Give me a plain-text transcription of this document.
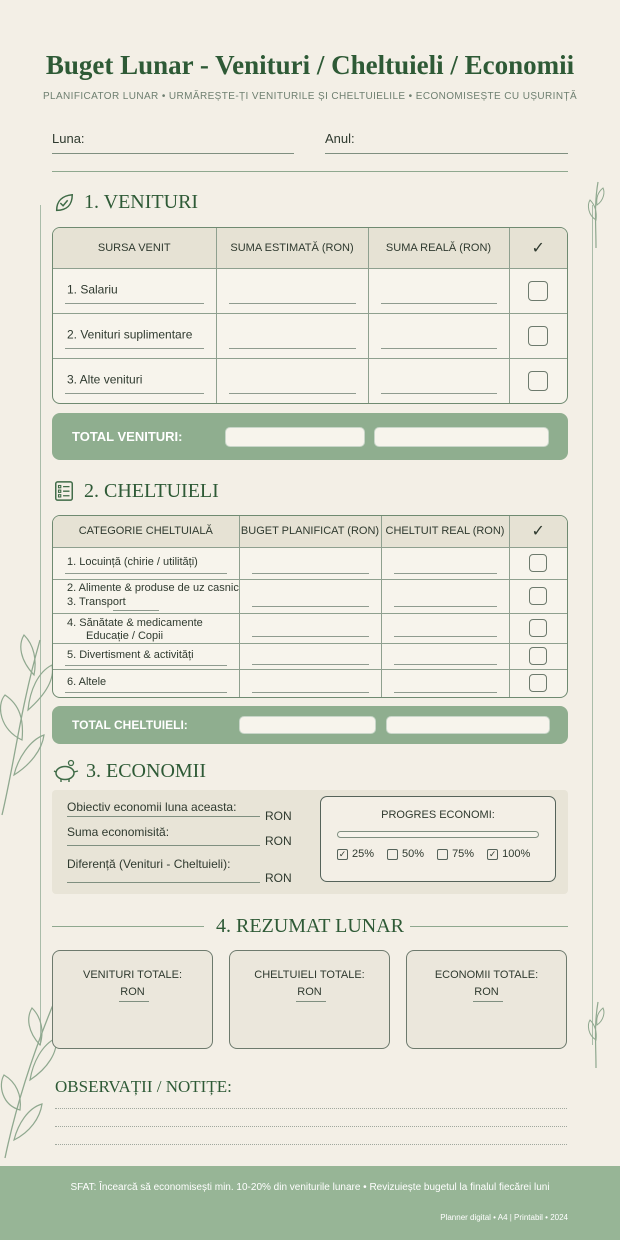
Buget Lunar - Venituri / Cheltuieli / Economii
PLANIFICATOR LUNAR • URMĂREȘTE-ȚI VENITURILE ȘI CHELTUIELILE • ECONOMISEȘTE CU UȘURINȚĂ
Luna:	Anul:
1. VENITURI
SURSA VENIT	SUMA ESTIMATĂ (RON)	SUMA REALĂ (RON)	✓

1. Salariu			

2. Venituri suplimentare			

3. Alte venituri			

TOTAL VENITURI:
2. CHELTUIELI
CATEGORIE CHELTUIALĂ	BUGET PLANIFICAT (RON)	CHELTUIT REAL (RON)	✓

1. Locuință (chirie / utilități)			

2. Alimente & produse de uz casnic
3. Transport			

4. Sănătate & medicamente
Educație / Copii			

5. Divertisment & activități			

6. Altele			

TOTAL CHELTUIELI:
3. ECONOMII
Obiectiv economii luna aceasta:
RON
Suma economisită:
RON
Diferență (Venituri - Cheltuieli):
RON
PROGRES ECONOMI:
✓ 25%	50%	75% ✓ 100%
4. REZUMAT LUNAR
VENITURI TOTALE:
RON
CHELTUIELI TOTALE:
RON
ECONOMII TOTALE:
RON
OBSERVAȚII / NOTIȚE:
SFAT: Încearcă să economisești min. 10-20% din veniturile lunare • Revizuiește bugetul la finalul fiecărei luni
Planner digital • A4 | Printabil • 2024
